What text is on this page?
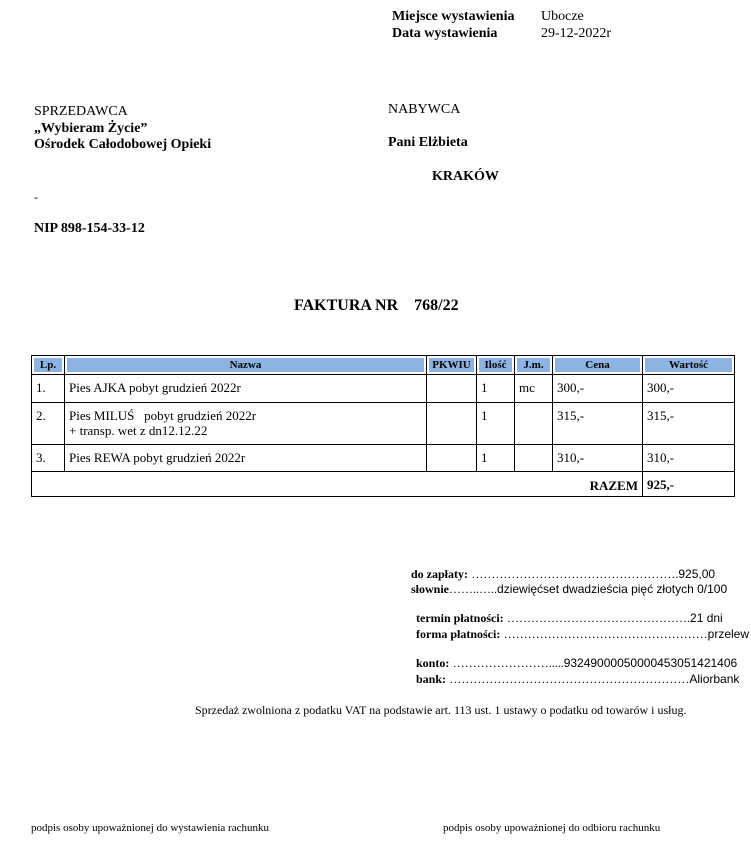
Miejsce wystawienia Ubocze
Data wystawienia	29-12-2022r
SPRZEDAWCA
„Wybieram Życie”
Ośrodek Całodobowej Opieki
-
NIP 898-154-33-12
NABYWCA
Pani Elżbieta
KRAKÓW
FAKTURA NR    768/22
Lp.	Nazwa	PKWIU	Ilość	J.m.	Cena	Wartość

1.	Pies AJKA pobyt grudzień 2022r		1	mc	300,-	300,-
2.	Pies MILUŚ   pobyt grudzień 2022r
+ transp. wet z dn12.12.22		1		315,-	315,-
3.	Pies REWA pobyt grudzień 2022r		1		310,-	310,-
RAZEM						925,-
do zapłaty: …………………………………………….925,00
słownie……..…..dziewięćset dwadzieścia pięć złotych 0/100
termin płatności: ……………………………………….21 dni
forma płatności: ……………………………………………przelew
konto: …………………….....93249000050000453051421406
bank: ……………………………………………………Aliorbank
Sprzedaż zwolniona z podatku VAT na podstawie art. 113 ust. 1 ustawy o podatku od towarów i usług.
podpis osoby upoważnionej do wystawienia rachunku	podpis osoby upoważnionej do odbioru rachunku
